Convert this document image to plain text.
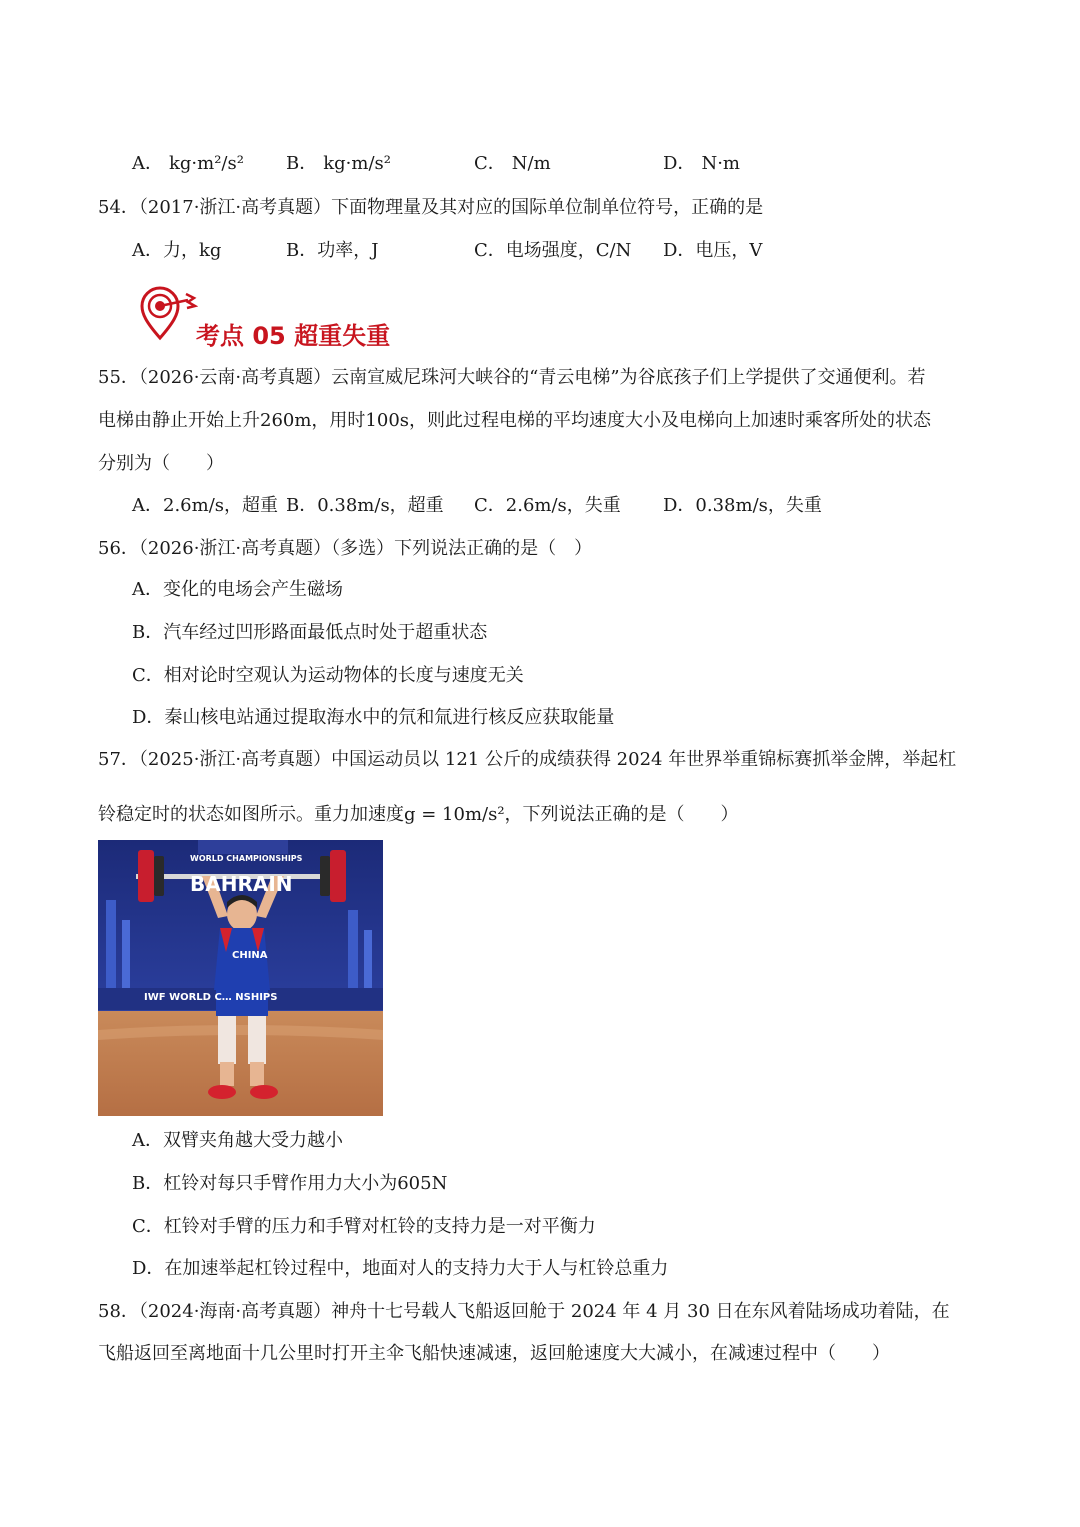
A． kg·m²/s² B． kg·m/s²	C． N/m	D． N·m
54．（2017·浙江·高考真题）下面物理量及其对应的国际单位制单位符号，正确的是
A．力，kg	B．功率，J	C．电场强度，C/N D．电压，V
考点 05 超重失重
55．（2026·云南·高考真题）云南宣威尼珠河大峡谷的“青云电梯”为谷底孩子们上学提供了交通便利。若
电梯由静止开始上升260m，用时100s，则此过程电梯的平均速度大小及电梯向上加速时乘客所处的状态
分别为（　　）
A．2.6m/s，超重 B．0.38m/s，超重 C．2.6m/s，失重 D．0.38m/s，失重
56．（2026·浙江·高考真题）（多选）下列说法正确的是（　）
A．变化的电场会产生磁场
B．汽车经过凹形路面最低点时处于超重状态
C．相对论时空观认为运动物体的长度与速度无关
D．秦山核电站通过提取海水中的氘和氚进行核反应获取能量
57．（2025·浙江·高考真题）中国运动员以 121 公斤的成绩获得 2024 年世界举重锦标赛抓举金牌，举起杠
铃稳定时的状态如图所示。重力加速度g = 10m/s²，下列说法正确的是（　　）
WORLD CHAMPIONSHIPS
BAHRAIN
CHINA
IWF WORLD C… NSHIPS
A．双臂夹角越大受力越小
B．杠铃对每只手臂作用力大小为605N
C．杠铃对手臂的压力和手臂对杠铃的支持力是一对平衡力
D．在加速举起杠铃过程中，地面对人的支持力大于人与杠铃总重力
58．（2024·海南·高考真题）神舟十七号载人飞船返回舱于 2024 年 4 月 30 日在东风着陆场成功着陆，在
飞船返回至离地面十几公里时打开主伞飞船快速减速，返回舱速度大大减小，在减速过程中（　　）
